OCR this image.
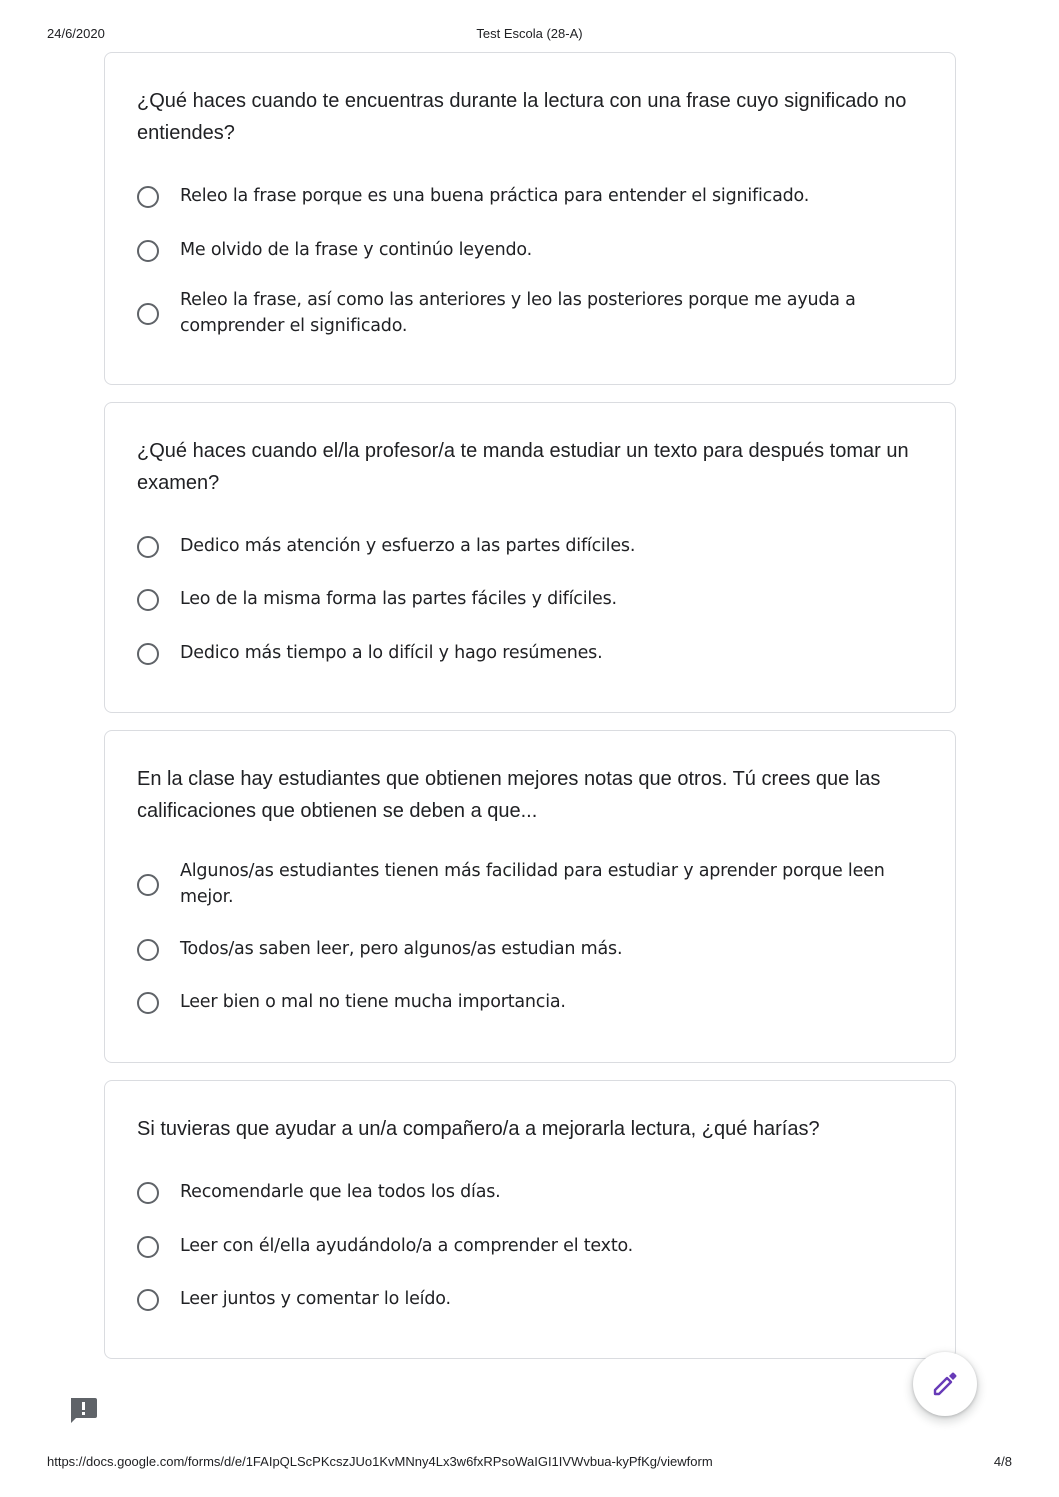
24/6/2020	Test Escola (28-A)
¿Qué haces cuando te encuentras durante la lectura con una frase cuyo significado no entiendes?
Releo la frase porque es una buena práctica para entender el significado.
Me olvido de la frase y continúo leyendo.
Releo la frase, así como las anteriores y leo las posteriores porque me ayuda a comprender el significado.
¿Qué haces cuando el/la profesor/a te manda estudiar un texto para después tomar un examen?
Dedico más atención y esfuerzo a las partes difíciles.
Leo de la misma forma las partes fáciles y difíciles.
Dedico más tiempo a lo difícil y hago resúmenes.
En la clase hay estudiantes que obtienen mejores notas que otros. Tú crees que las calificaciones que obtienen se deben a que...
Algunos/as estudiantes tienen más facilidad para estudiar y aprender porque leen mejor.
Todos/as saben leer, pero algunos/as estudian más.
Leer bien o mal no tiene mucha importancia.
Si tuvieras que ayudar a un/a compañero/a a mejorarla lectura, ¿qué harías?
Recomendarle que lea todos los días.
Leer con él/ella ayudándolo/a a comprender el texto.
Leer juntos y comentar lo leído.
https://docs.google.com/forms/d/e/1FAIpQLScPKcszJUo1KvMNny4Lx3w6fxRPsoWaIGI1IVWvbua-kyPfKg/viewform	4/8
